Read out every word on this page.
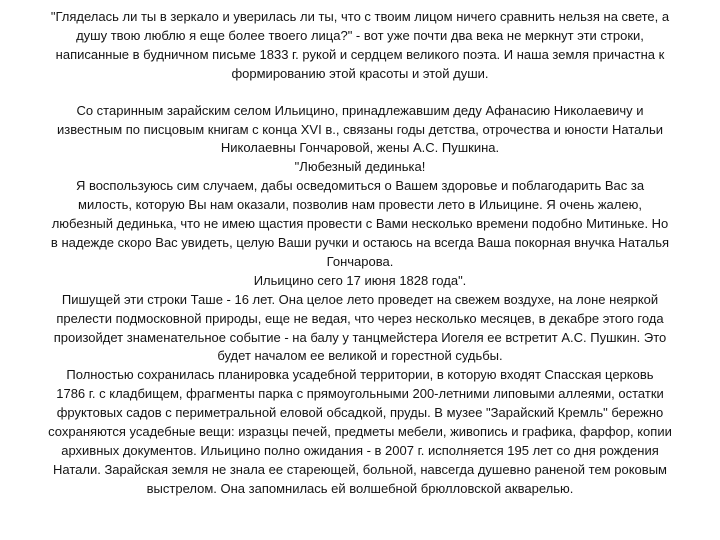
"Гляделась ли ты в зеркало и уверилась ли ты, что с твоим лицом ничего сравнить нельзя на свете, а
душу твою люблю я еще более твоего лица?" - вот уже почти два века не меркнут эти строки,
написанные в будничном письме 1833 г. рукой и сердцем великого поэта. И наша земля причастна к
формированию этой красоты и этой души.
Со старинным зарайским селом Ильицино, принадлежавшим деду Афанасию Николаевичу и
известным по писцовым книгам с конца XVI в., связаны годы детства, отрочества и юности Натальи
Николаевны Гончаровой, жены А.С. Пушкина.
"Любезный дединька!
Я воспользуюсь сим случаем, дабы осведомиться о Вашем здоровье и поблагодарить Вас за
милость, которую Вы нам оказали, позволив нам провести лето в Ильицине. Я очень жалею,
любезный дединька, что не имею щастия провести с Вами несколько времени подобно Митиньке. Но
в надежде скоро Вас увидеть, целую Ваши ручки и остаюсь на всегда Ваша покорная внучка Наталья
Гончарова.
Ильицино сего 17 июня 1828 года".
Пишущей эти строки Таше - 16 лет. Она целое лето проведет на свежем воздухе, на лоне неяркой
прелести подмосковной природы, еще не ведая, что через несколько месяцев, в декабре этого года
произойдет знаменательное событие - на балу у танцмейстера Иогеля ее встретит А.С. Пушкин. Это
будет началом ее великой и горестной судьбы.
Полностью сохранилась планировка усадебной территории, в которую входят Спасская церковь
1786 г. с кладбищем, фрагменты парка с прямоугольными 200-летними липовыми аллеями, остатки
фруктовых садов с периметральной еловой обсадкой, пруды. В музее "Зарайский Кремль" бережно
сохраняются усадебные вещи: изразцы печей, предметы мебели, живопись и графика, фарфор, копии
архивных документов. Ильицино полно ожидания - в 2007 г. исполняется 195 лет со дня рождения
Натали. Зарайская земля не знала ее стареющей, больной, навсегда душевно раненой тем роковым
выстрелом. Она запомнилась ей волшебной брюлловской акварелью.
